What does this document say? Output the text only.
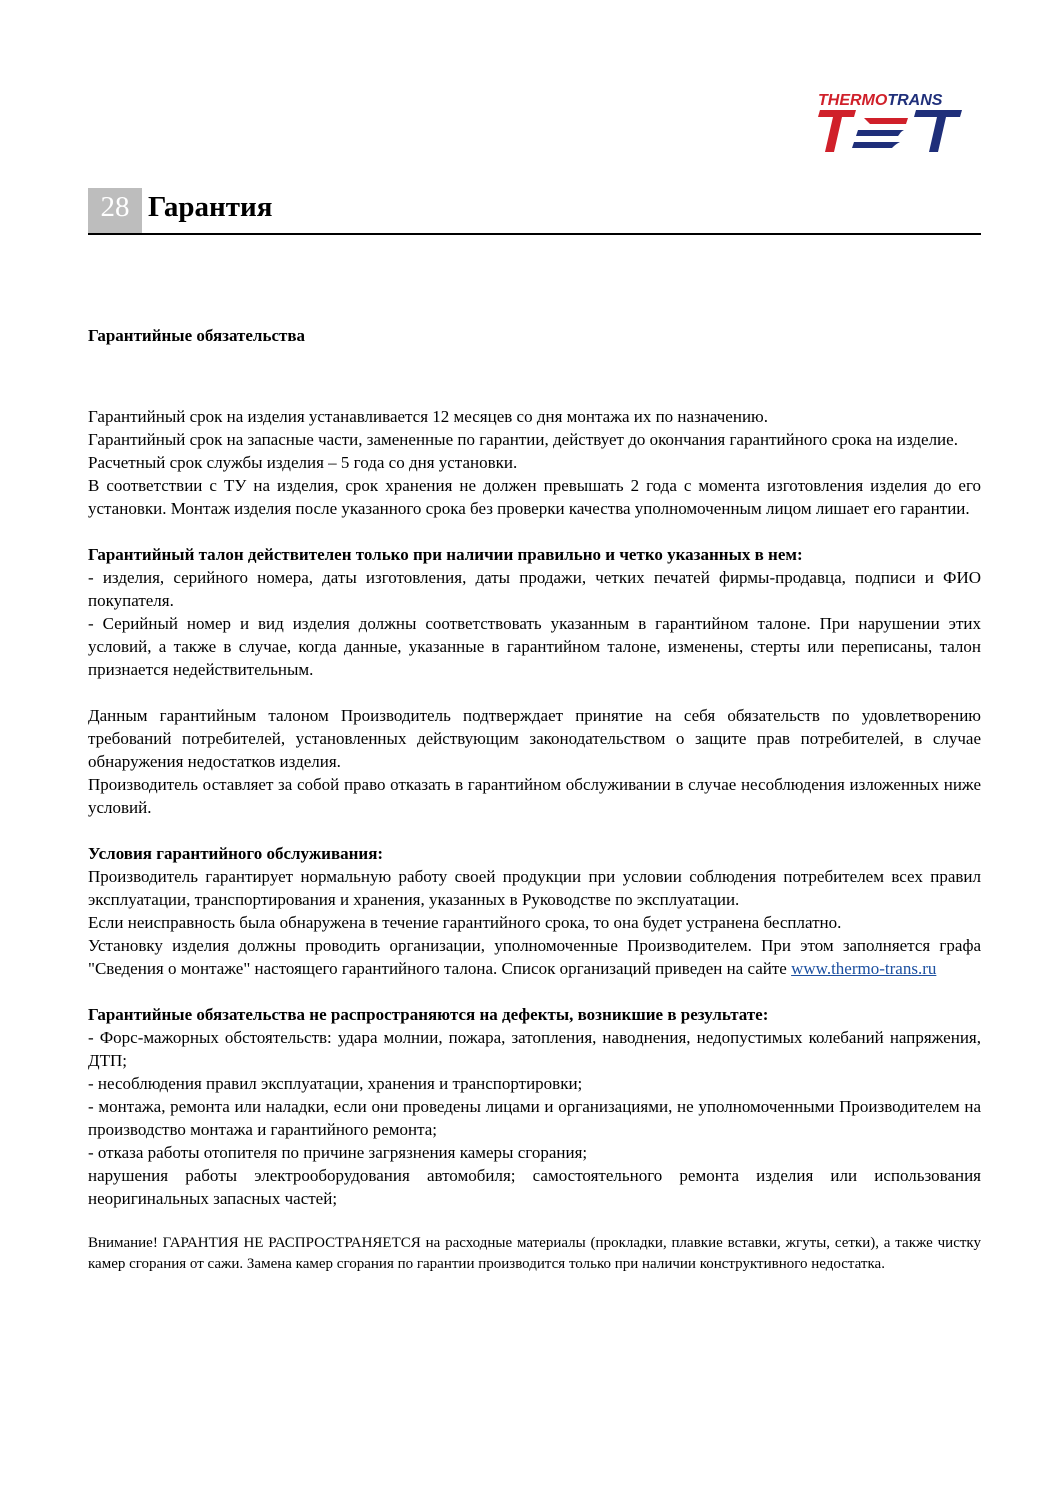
THERMOTRANS
28 Гарантия

Гарантийные обязательства

Гарантийный срок на изделия устанавливается 12 месяцев со дня монтажа их по назначению.

Гарантийный срок на запасные части, замененные по гарантии, действует до окончания гарантийного срока на изделие.

Расчетный срок службы изделия – 5 года со дня установки.

В соответствии с ТУ на изделия, срок хранения не должен превышать 2 года с момента изготовления изделия до его установки. Монтаж изделия после указанного срока без проверки качества уполномоченным лицом лишает его гарантии.

Гарантийный талон действителен только при наличии правильно и четко указанных в нем:

- изделия, серийного номера, даты изготовления, даты продажи, четких печатей фирмы-продавца, подписи и ФИО покупателя.

- Серийный номер и вид изделия должны соответствовать указанным в гарантийном талоне. При нарушении этих условий, а также в случае, когда данные, указанные в гарантийном талоне, изменены, стерты или переписаны, талон признается недействительным.

Данным гарантийным талоном Производитель подтверждает принятие на себя обязательств по удовлетворению требований потребителей, установленных действующим законодательством о защите прав потребителей, в случае обнаружения недостатков изделия.

Производитель оставляет за собой право отказать в гарантийном обслуживании в случае несоблюдения изложенных ниже условий.

Условия гарантийного обслуживания:

Производитель гарантирует нормальную работу своей продукции при условии соблюдения потребителем всех правил эксплуатации, транспортирования и хранения, указанных в Руководстве по эксплуатации.

Если неисправность была обнаружена в течение гарантийного срока, то она будет устранена бесплатно.

Установку изделия должны проводить организации, уполномоченные Производителем. При этом заполняется графа "Сведения о монтаже" настоящего гарантийного талона. Список организаций приведен на сайте www.thermo-trans.ru

Гарантийные обязательства не распространяются на дефекты, возникшие в результате:

- Форс-мажорных обстоятельств: удара молнии, пожара, затопления, наводнения, недопустимых колебаний напряжения, ДТП;

- несоблюдения правил эксплуатации, хранения и транспортировки;

- монтажа, ремонта или наладки, если они проведены лицами и организациями, не уполномоченными Производителем на производство монтажа и гарантийного ремонта;

- отказа работы отопителя по причине загрязнения камеры сгорания;

нарушения работы электрооборудования автомобиля; самостоятельного ремонта изделия или использования неоригинальных запасных частей;

Внимание! ГАРАНТИЯ НЕ РАСПРОСТРАНЯЕТСЯ на расходные материалы (прокладки, плавкие вставки, жгуты, сетки), а также чистку камер сгорания от сажи. Замена камер сгорания по гарантии производится только при наличии конструктивного недостатка.
